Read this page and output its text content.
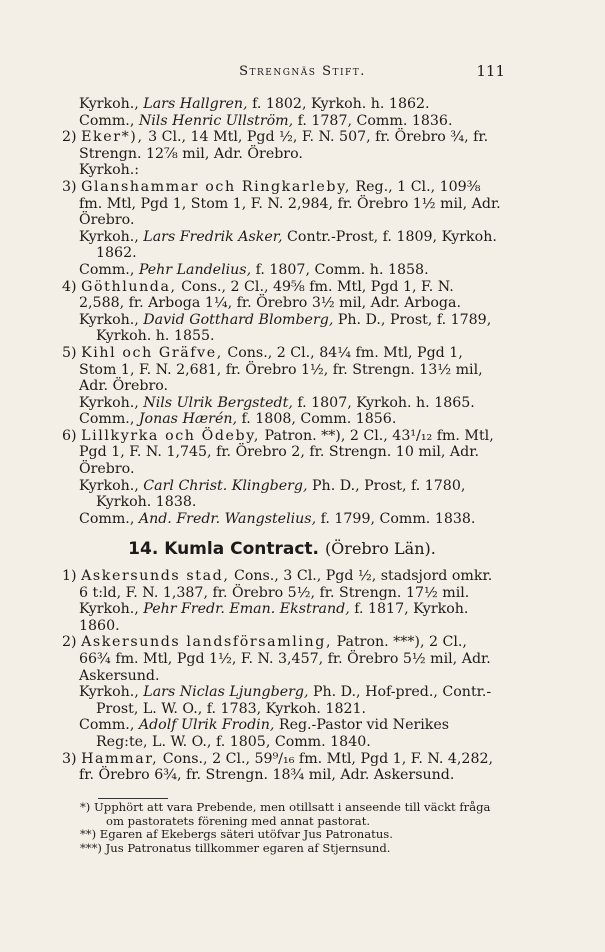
Strengnäs Stift.	111

Kyrkoh., Lars Hallgren, f. 1802, Kyrkoh. h. 1862.

Comm., Nils Henric Ullström, f. 1787, Comm. 1836.

2) Eker*), 3 Cl., 14 Mtl, Pgd ½, F. N. 507, fr. Örebro ¾, fr. Strengn. 12⅞ mil, Adr. Örebro.

Kyrkoh.:

3) Glanshammar och Ringkarleby, Reg., 1 Cl., 109⅜ fm. Mtl, Pgd 1, Stom 1, F. N. 2,984, fr. Örebro 1½ mil, Adr. Örebro.

Kyrkoh., Lars Fredrik Asker, Contr.-Prost, f. 1809, Kyrkoh. 1862.

Comm., Pehr Landelius, f. 1807, Comm. h. 1858.

4) Göthlunda, Cons., 2 Cl., 49⅝ fm. Mtl, Pgd 1, F. N. 2,588, fr. Arboga 1¼, fr. Örebro 3½ mil, Adr. Arboga.

Kyrkoh., David Gotthard Blomberg, Ph. D., Prost, f. 1789, Kyrkoh. h. 1855.

5) Kihl och Gräfve, Cons., 2 Cl., 84¼ fm. Mtl, Pgd 1, Stom 1, F. N. 2,681, fr. Örebro 1½, fr. Strengn. 13½ mil, Adr. Örebro.

Kyrkoh., Nils Ulrik Bergstedt, f. 1807, Kyrkoh. h. 1865.

Comm., Jonas Hærén, f. 1808, Comm. 1856.

6) Lillkyrka och Ödeby, Patron. **), 2 Cl., 43¹/₁₂ fm. Mtl, Pgd 1, F. N. 1,745, fr. Örebro 2, fr. Strengn. 10 mil, Adr. Örebro.

Kyrkoh., Carl Christ. Klingberg, Ph. D., Prost, f. 1780, Kyrkoh. 1838.

Comm., And. Fredr. Wangstelius, f. 1799, Comm. 1838.

14. Kumla Contract. (Örebro Län).

1) Askersunds stad, Cons., 3 Cl., Pgd ½, stadsjord omkr. 6 t:ld, F. N. 1,387, fr. Örebro 5½, fr. Strengn. 17½ mil.

Kyrkoh., Pehr Fredr. Eman. Ekstrand, f. 1817, Kyrkoh. 1860.

2) Askersunds landsförsamling, Patron. ***), 2 Cl., 66¾ fm. Mtl, Pgd 1½, F. N. 3,457, fr. Örebro 5½ mil, Adr. Askersund.

Kyrkoh., Lars Niclas Ljungberg, Ph. D., Hof-pred., Contr.-Prost, L. W. O., f. 1783, Kyrkoh. 1821.

Comm., Adolf Ulrik Frodin, Reg.-Pastor vid Nerikes Reg:te, L. W. O., f. 1805, Comm. 1840.

3) Hammar, Cons., 2 Cl., 59⁹/₁₆ fm. Mtl, Pgd 1, F. N. 4,282, fr. Örebro 6¾, fr. Strengn. 18¾ mil, Adr. Askersund.

*) Upphört att vara Prebende, men otillsatt i anseende till väckt fråga om pastoratets förening med annat pastorat.

**) Egaren af Ekebergs säteri utöfvar Jus Patronatus.

***) Jus Patronatus tillkommer egaren af Stjernsund.
